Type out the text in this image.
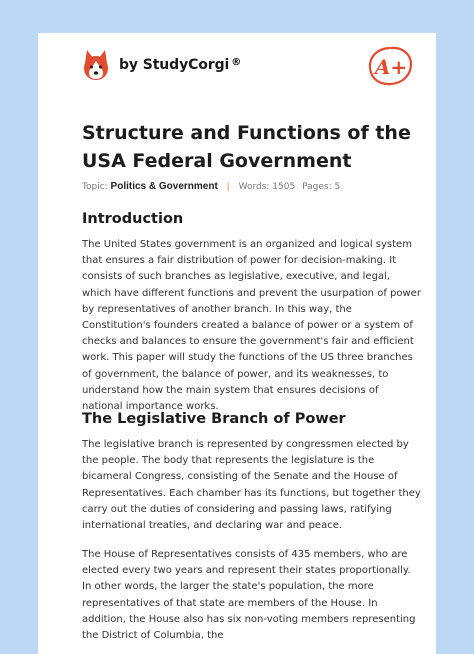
by StudyCorgi ®	A+
Structure and Functions of the USA Federal Government
Topic: Politics & Government | Words: 1505 Pages: 5
Introduction

The United States government is an organized and logical system that ensures a fair distribution of power for decision-making. It consists of such branches as legislative, executive, and legal, which have different functions and prevent the usurpation of power by representatives of another branch. In this way, the Constitution's founders created a balance of power or a system of checks and balances to ensure the government's fair and efficient work. This paper will study the functions of the US three branches of government, the balance of power, and its weaknesses, to understand how the main system that ensures decisions of national importance works.

The Legislative Branch of Power

The legislative branch is represented by congressmen elected by the people. The body that represents the legislature is the bicameral Congress, consisting of the Senate and the House of Representatives. Each chamber has its functions, but together they carry out the duties of considering and passing laws, ratifying international treaties, and declaring war and peace.

The House of Representatives consists of 435 members, who are elected every two years and represent their states proportionally. In other words, the larger the state's population, the more representatives of that state are members of the House. In addition, the House also has six non-voting members representing the District of Columbia, the
